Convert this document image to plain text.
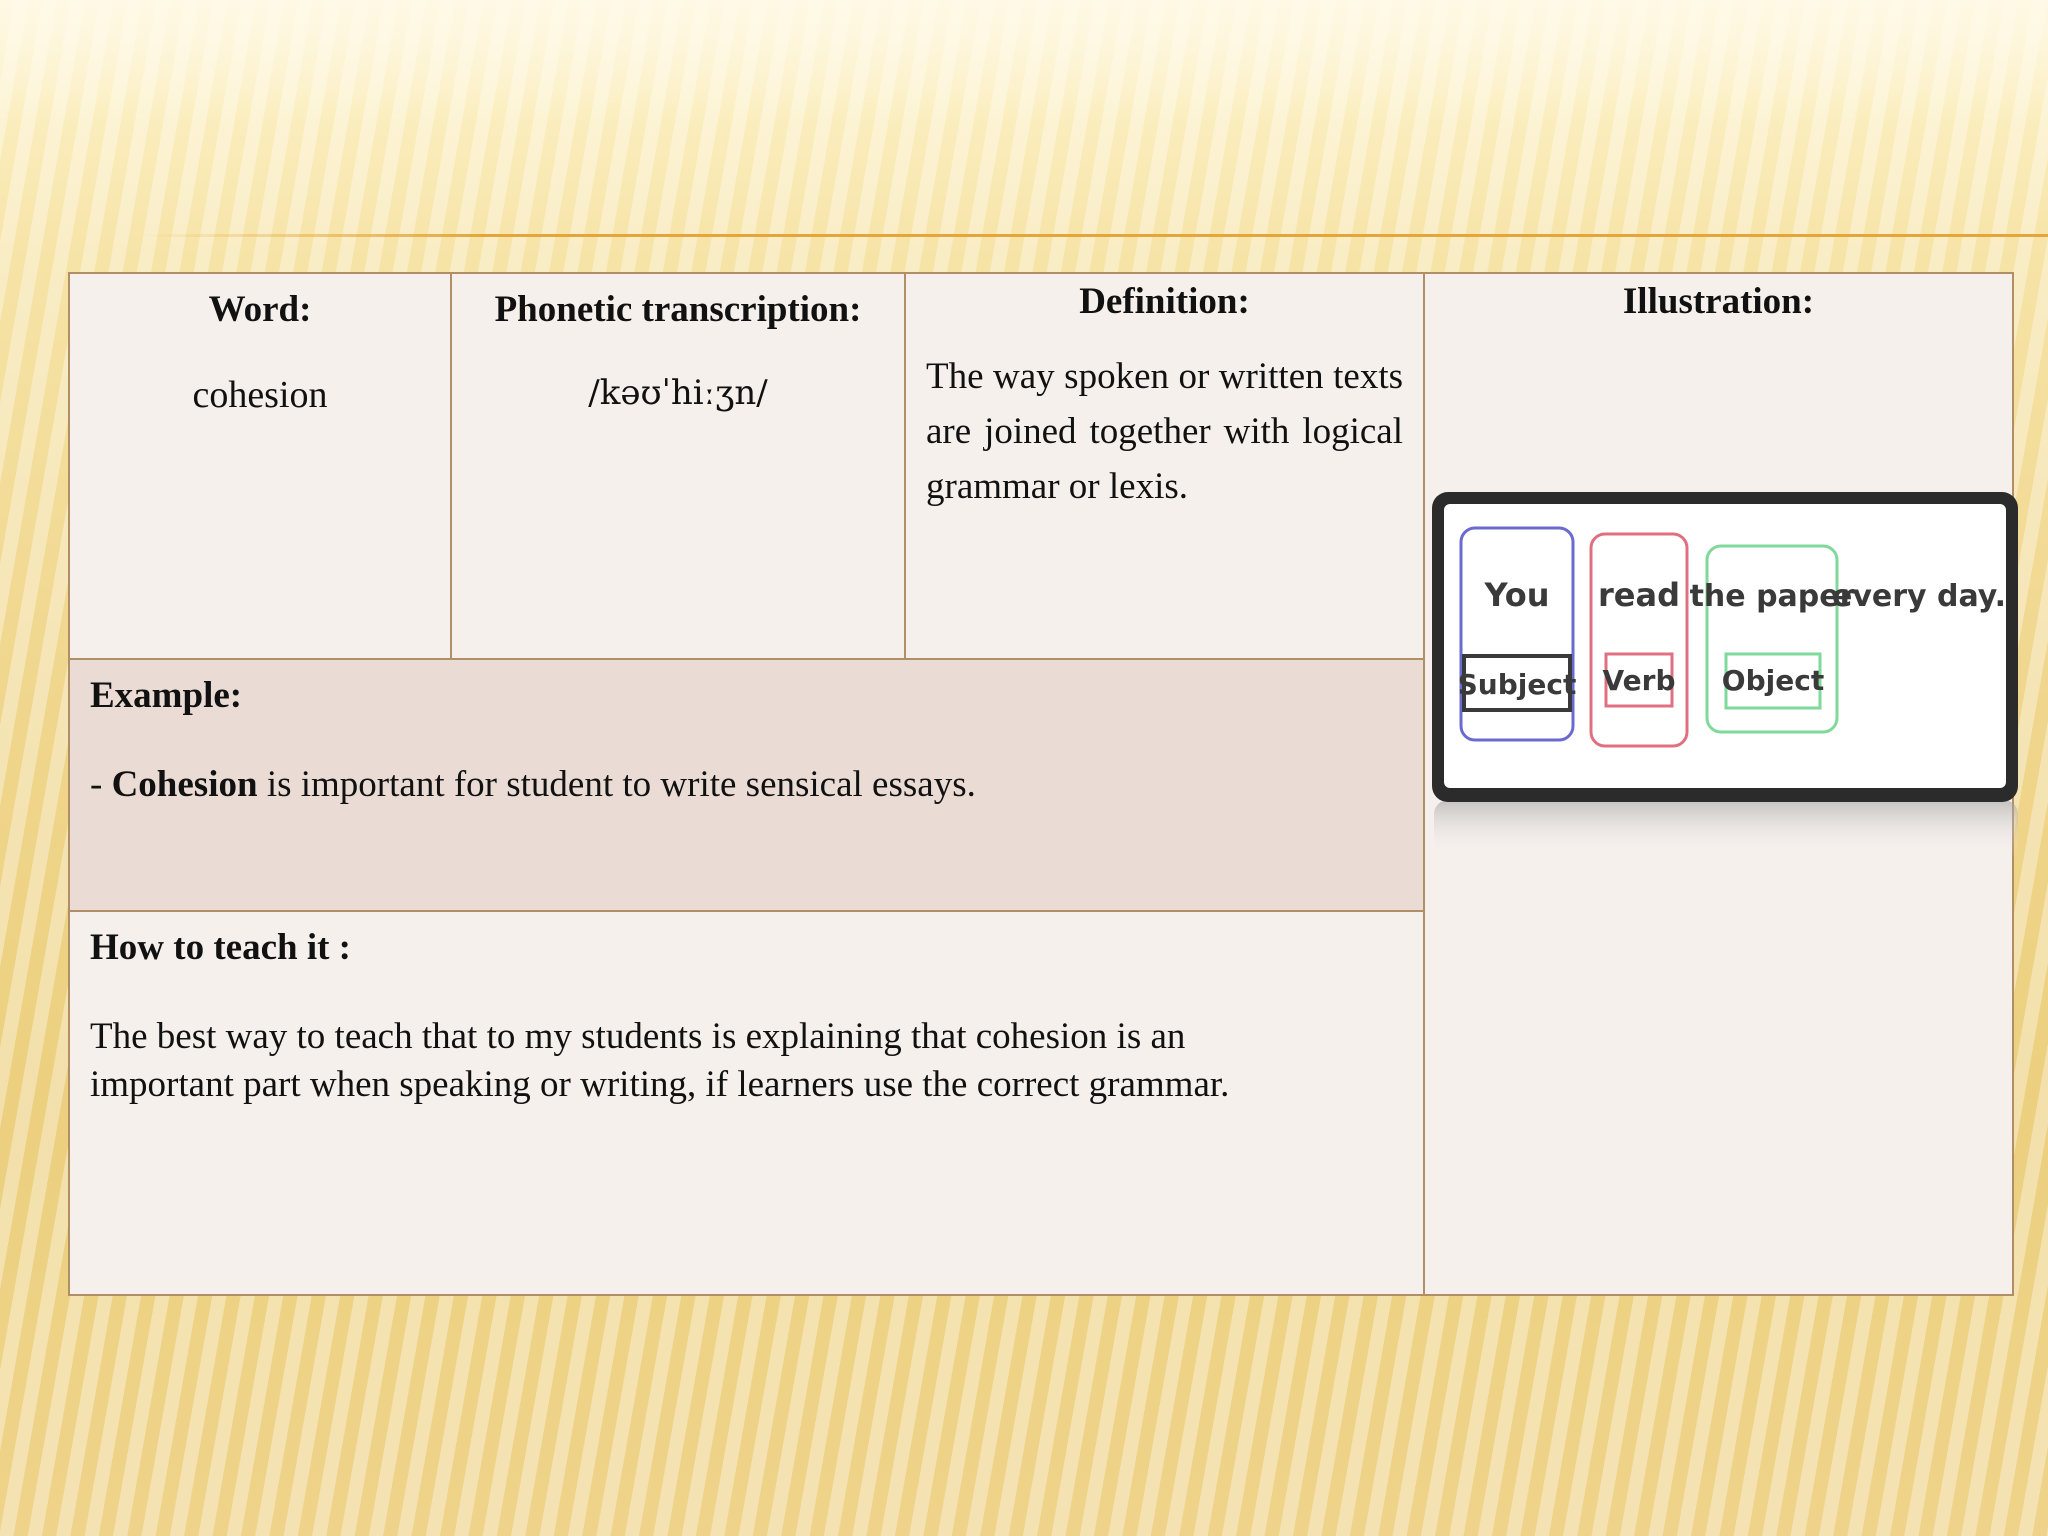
Word:

cohesion

Phonetic transcription:

/kəʊˈhiːʒn/

Definition:

The way spoken or written texts are joined together with logical grammar or lexis.

Example:

- Cohesion is important for student to write sensical essays.

How to teach it :

The best way to teach that to my students is explaining that cohesion is an
important part when speaking or writing, if learners use the correct grammar.

Illustration:

You read the paper
every day.
Subject Verb Object
